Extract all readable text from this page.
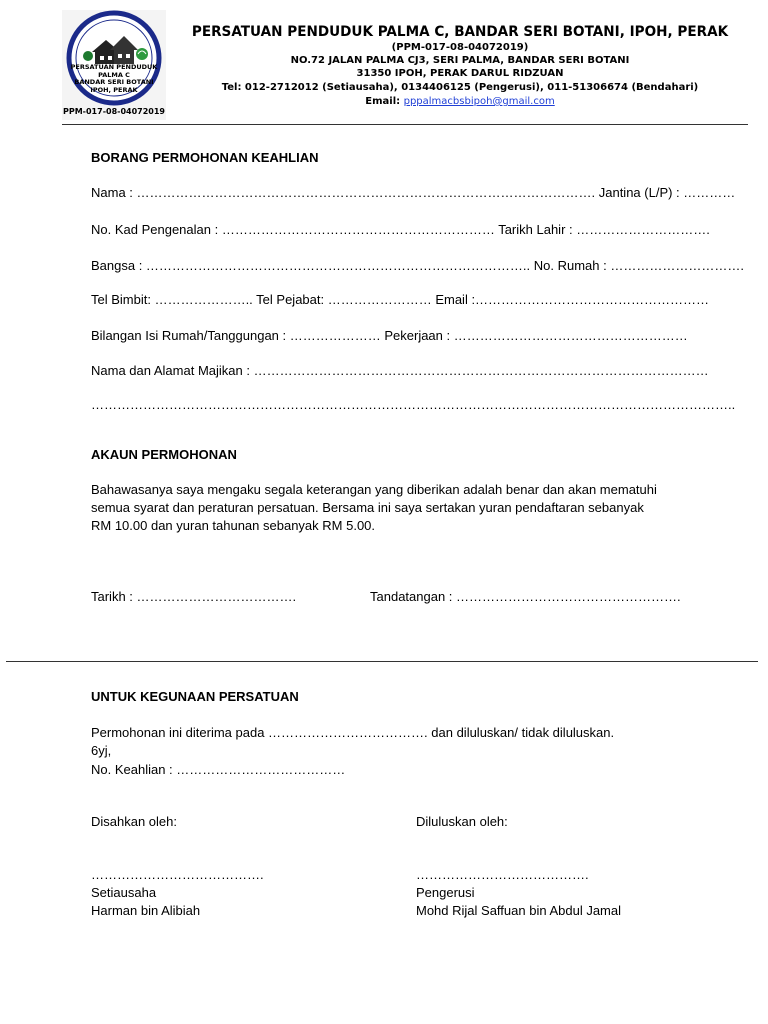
PERSATUAN PENDUDUK
PALMA C
BANDAR SERI BOTANI
IPOH, PERAK
PPM-017-08-04072019
PERSATUAN PENDUDUK PALMA C, BANDAR SERI BOTANI, IPOH, PERAK
(PPM-017-08-04072019)
NO.72 JALAN PALMA CJ3, SERI PALMA, BANDAR SERI BOTANI
31350 IPOH, PERAK DARUL RIDZUAN
Tel: 012-2712012 (Setiausaha), 0134406125 (Pengerusi), 011-51306674 (Bendahari)
Email: pppalmacbsbipoh@gmail.com
BORANG PERMOHONAN KEAHLIAN
Nama : ……………………………………………………………………………………………. Jantina (L/P) : …………
No. Kad Pengenalan : ……………………………………………………… Tarikh Lahir : ………………………….
Bangsa : …………………………………………………………………………….. No. Rumah : ………………………….
Tel Bimbit: ………………….. Tel Pejabat: …………………… Email :………………………………………………
Bilangan Isi Rumah/Tanggungan : ………………… Pekerjaan : ………………………………………………
Nama dan Alamat Majikan : ……………………………………………………………………………………………
…………………………………………………………………………………………………………………………………..
AKAUN PERMOHONAN
Bahawasanya saya mengaku segala keterangan yang diberikan adalah benar dan akan mematuhi semua syarat dan peraturan persatuan. Bersama ini saya sertakan yuran pendaftaran sebanyak RM 10.00 dan yuran tahunan sebanyak RM 5.00.
Tarikh : ……………………………….	Tandatangan : …………………………………………….
UNTUK KEGUNAAN PERSATUAN
Permohonan ini diterima pada ………………………………. dan diluluskan/ tidak diluluskan.
6yj,
No. Keahlian : …………………………………
Disahkan oleh:	Diluluskan oleh:
………………………………….	………………………………….
Setiausaha	Pengerusi
Harman bin Alibiah	Mohd Rijal Saffuan bin Abdul Jamal
